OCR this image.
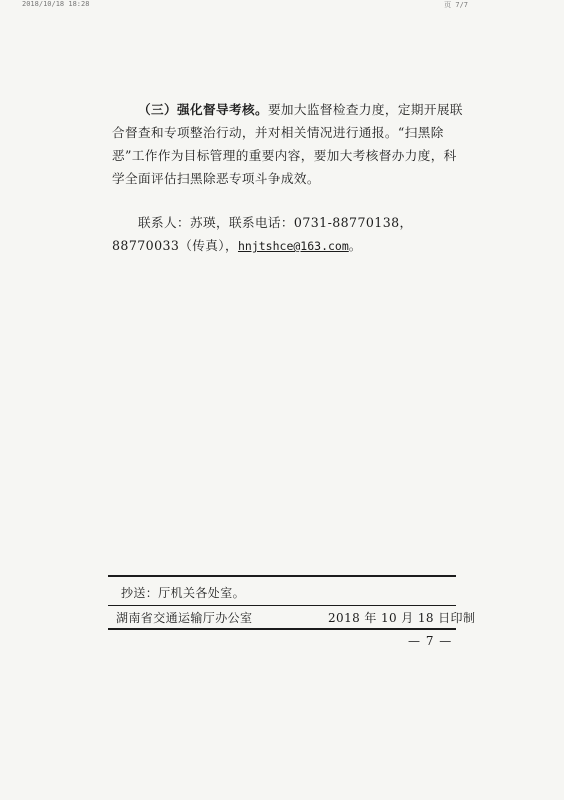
2018/10/18 18:28	页 7/7
（三）强化督导考核。要加大监督检查力度，定期开展联合督查和专项整治行动，并对相关情况进行通报。“扫黑除恶”工作作为目标管理的重要内容，要加大考核督办力度，科学全面评估扫黑除恶专项斗争成效。
联系人：苏瑛，联系电话：0731-88770138，88770033（传真），hnjtshce@163.com。
抄送：厅机关各处室。
湖南省交通运输厅办公室	2018 年 10 月 18 日印制
— 7 —
